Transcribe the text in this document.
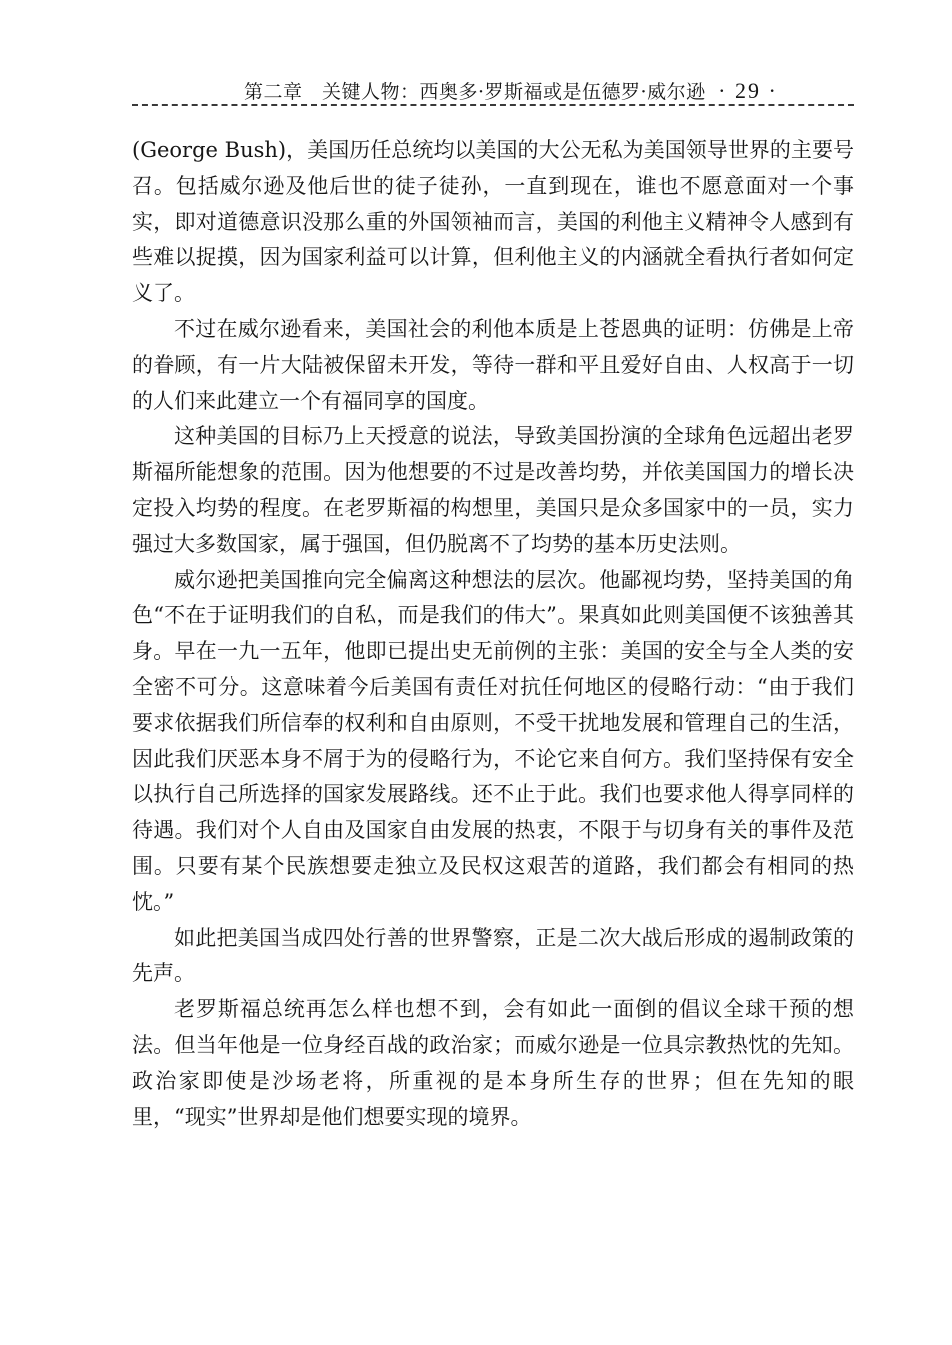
第二章　关键人物：西奥多·罗斯福或是伍德罗·威尔逊 · 29 ·

(George Bush)，美国历任总统均以美国的大公无私为美国领导世界的主要号召。包括威尔逊及他后世的徒子徒孙，一直到现在，谁也不愿意面对一个事实，即对道德意识没那么重的外国领袖而言，美国的利他主义精神令人感到有些难以捉摸，因为国家利益可以计算，但利他主义的内涵就全看执行者如何定义了。

不过在威尔逊看来，美国社会的利他本质是上苍恩典的证明：仿佛是上帝的眷顾，有一片大陆被保留未开发，等待一群和平且爱好自由、人权高于一切的人们来此建立一个有福同享的国度。

这种美国的目标乃上天授意的说法，导致美国扮演的全球角色远超出老罗斯福所能想象的范围。因为他想要的不过是改善均势，并依美国国力的增长决定投入均势的程度。在老罗斯福的构想里，美国只是众多国家中的一员，实力强过大多数国家，属于强国，但仍脱离不了均势的基本历史法则。

威尔逊把美国推向完全偏离这种想法的层次。他鄙视均势，坚持美国的角色“不在于证明我们的自私，而是我们的伟大”。果真如此则美国便不该独善其身。早在一九一五年，他即已提出史无前例的主张：美国的安全与全人类的安全密不可分。这意味着今后美国有责任对抗任何地区的侵略行动：“由于我们要求依据我们所信奉的权利和自由原则，不受干扰地发展和管理自己的生活，因此我们厌恶本身不屑于为的侵略行为，不论它来自何方。我们坚持保有安全以执行自己所选择的国家发展路线。还不止于此。我们也要求他人得享同样的待遇。我们对个人自由及国家自由发展的热衷，不限于与切身有关的事件及范围。只要有某个民族想要走独立及民权这艰苦的道路，我们都会有相同的热忱。”

如此把美国当成四处行善的世界警察，正是二次大战后形成的遏制政策的先声。

老罗斯福总统再怎么样也想不到，会有如此一面倒的倡议全球干预的想法。但当年他是一位身经百战的政治家；而威尔逊是一位具宗教热忱的先知。政治家即使是沙场老将，所重视的是本身所生存的世界；但在先知的眼里，“现实”世界却是他们想要实现的境界。
